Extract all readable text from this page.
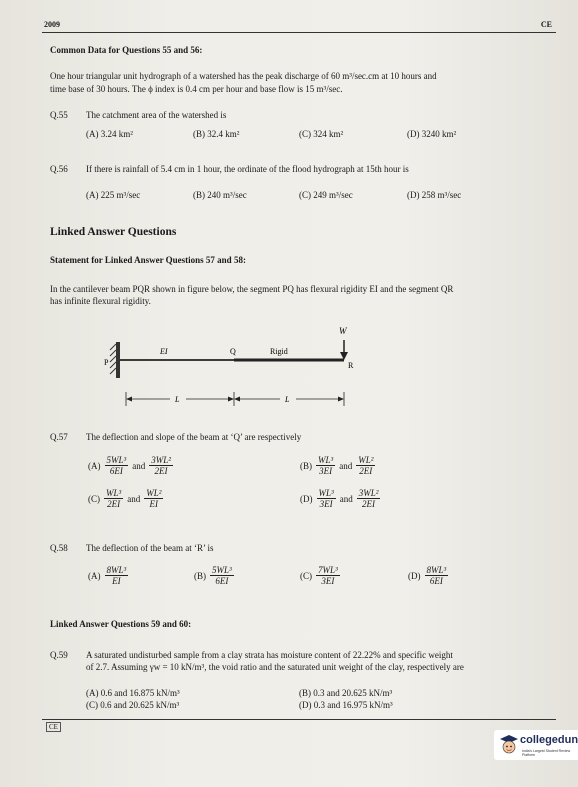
2009	CE
Common Data for Questions 55 and 56:
One hour triangular unit hydrograph of a watershed has the peak discharge of 60 m³/sec.cm at 10 hours and
time base of 30 hours. The ϕ index is 0.4 cm per hour and base flow is 15 m³/sec.
Q.55 The catchment area of the watershed is
(A) 3.24 km²	(B) 32.4 km²	(C) 324 km²	(D) 3240 km²
Q.56 If there is rainfall of 5.4 cm in 1 hour, the ordinate of the flood hydrograph at 15th hour is
(A) 225 m³/sec	(B) 240 m³/sec	(C) 249 m³/sec	(D) 258 m³/sec
Linked Answer Questions
Statement for Linked Answer Questions 57 and 58:
In the cantilever beam PQR shown in figure below, the segment PQ has flexural rigidity EI and the segment QR
has infinite flexural rigidity.
W
P
Q
R
EI	Rigid
L	L
Q.57 The deflection and slope of the beam at ‘Q’ are respectively
$(A) \frac{\text{5WL³}}{6EI}$ and $\frac{\text{3WL²}}{2EI}$	$(B) \frac{\text{WL³}}{3EI}$ and $\frac{\text{WL²}}{2EI}$
$(C) \frac{\text{WL³}}{2EI}$ and $\frac{\text{WL²}}{EI}$	$(D) \frac{\text{WL³}}{3EI}$ and $\frac{\text{3WL²}}{2EI}$
Q.58 The deflection of the beam at ‘R’ is
$(A) \frac{\text{8WL³}}{EI}$	$(B) \frac{\text{5WL³}}{6EI}$	$(C) \frac{\text{7WL³}}{3EI}$	$(D) \frac{\text{8WL³}}{6EI}$
Linked Answer Questions 59 and 60:
Q.59 A saturated undisturbed sample from a clay strata has moisture content of 22.22% and specific weight
of 2.7. Assuming γw = 10 kN/m³, the void ratio and the saturated unit weight of the clay, respectively are
(A) 0.6 and 16.875 kN/m³	(B) 0.3 and 20.625 kN/m³
(C) 0.6 and 20.625 kN/m³	(D) 0.3 and 16.975 kN/m³
CE
collegedun
India's Largest Student Review Platform
